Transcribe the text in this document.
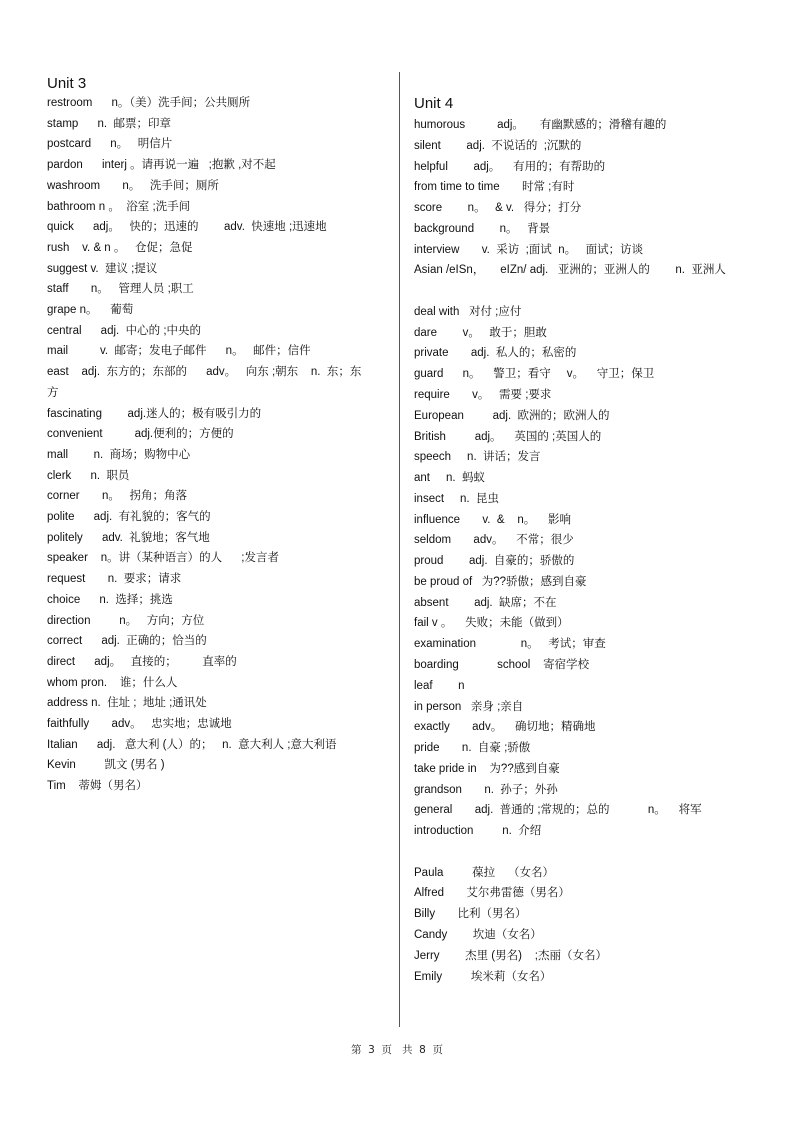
Unit 3
restroom      n。（美）洗手间；公共厕所
stamp      n.  邮票；印章
postcard      n。   明信片
pardon      interj 。请再说一遍   ;抱歉 ,对不起
washroom       n。   洗手间；厕所
bathroom n 。  浴室 ;洗手间
quick      adj。   快的；迅速的        adv.  快速地 ;迅速地
rush    v. & n 。   仓促；急促
suggest v.  建议 ;提议
staff       n。   管理人员 ;职工
grape n。    葡萄
central      adj.  中心的 ;中央的
mail          v.  邮寄；发电子邮件      n。   邮件；信件
east    adj.  东方的；东部的      adv。   向东 ;朝东    n.  东；东
方
fascinating        adj.迷人的；极有吸引力的
convenient          adj.便利的；方便的
mall        n.  商场；购物中心
clerk      n.  职员
corner       n。   拐角；角落
polite      adj.  有礼貌的；客气的
politely      adv.  礼貌地；客气地
speaker    n。讲（某种语言）的人      ;发言者
request       n.  要求；请求
choice      n.  选择；挑选
direction         n。   方向；方位
correct      adj.  正确的；恰当的
direct      adj。   直接的；        直率的
whom pron.    谁；什么人
address n.  住址 ;  地址 ;通讯处
faithfully       adv。   忠实地；忠诚地
Italian      adj.   意大利 (人）的；   n.  意大利人 ;意大利语
Kevin         凯文 (男名 )
Tim    蒂姆（男名）
Unit 4
humorous          adj。     有幽默感的；滑稽有趣的
silent        adj.  不说话的  ;沉默的
helpful        adj。    有用的；有帮助的
from time to time       时常 ;有时
score        n。   & v.   得分；打分
background        n。   背景
interview       v.  采访  ;面试  n。   面试；访谈
Asian /eISn，     eIZn/ adj.   亚洲的；亚洲人的        n.  亚洲人
deal with   对付 ;应付
dare        v。   敢于；胆敢
private       adj.  私人的；私密的
guard      n。    警卫；看守     v。    守卫；保卫
require       v。   需要 ;要求
European         adj.  欧洲的；欧洲人的
British         adj。    英国的 ;英国人的
speech     n.  讲话；发言
ant     n.  蚂蚁
insect     n.  昆虫
influence       v.  &    n。    影响
seldom       adv。    不常；很少
proud        adj.  自豪的；骄傲的
be proud of   为??骄傲；感到自豪
absent        adj.  缺席；不在
fail v 。    失败；未能（做到）
examination              n。   考试；审查
boarding            school    寄宿学校
leaf        n
in person   亲身 ;亲自
exactly       adv。    确切地；精确地
pride       n.  自豪 ;骄傲
take pride in    为??感到自豪
grandson       n.  孙子；外孙
general       adj.  普通的 ;常规的；总的            n。    将军
introduction         n.  介绍
Paula         葆拉    （女名）
Alfred       艾尔弗雷德（男名）
Billy       比利（男名）
Candy        坎迪（女名）
Jerry        杰里 (男名)    ;杰丽（女名）
Emily         埃米莉（女名）
第  3  页   共  8  页
